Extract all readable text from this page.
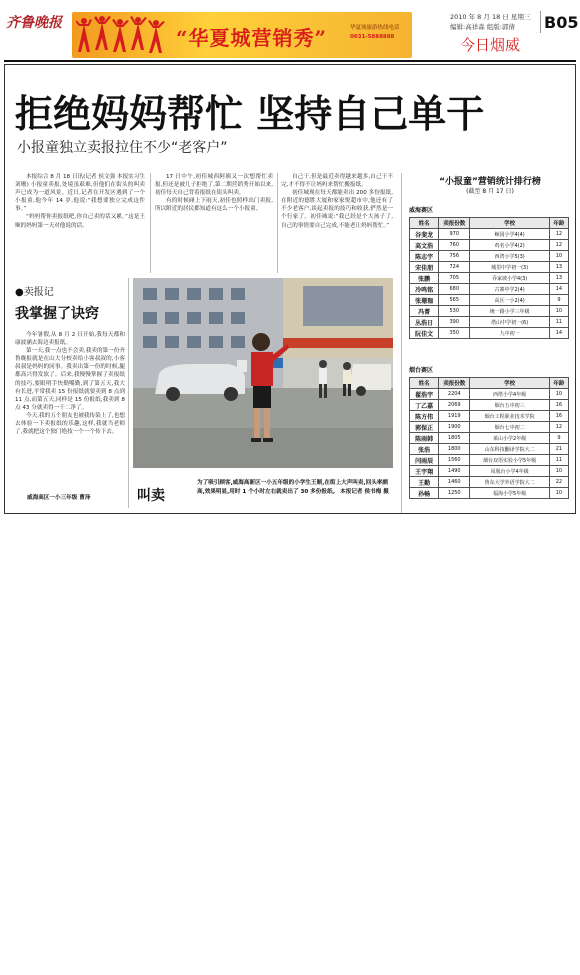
齐鲁晚报
“华夏城营销秀”	华夏城旅游热线电话
0631-5888888
2010 年 8 月 18 日 星期三
编辑:高祥森 组版:郭倩
今日烟威
B05
拒绝妈妈帮忙 坚持自己单干
小报童独立卖报拉住不少“老客户”

本报综合 8 月 18 日讯(记者 侯文强 本报实习生 刘珊) 小报童卖报,处境虽艰难,但他们在街头的叫卖声已成为一道风景。近日,记者在开发区遇到了一个小报童,他今年 14 岁,他说:“我想要独立完成这件事。”

“妈妈帮你卖报纸吧,你自己卖的话又累。”这是王顺的妈妈第一天对他说的话。

17 日中午,初佳城西阿姨又一次想帮忙卖报,但还是被儿子拒绝了,第二期营销秀开始以来,初佳每天自己背着报纸在街头叫卖。

有的时候碰上下雨天,初佳也照样出门卖报,所以附近的居民都知道有这么一个小报童。

自己干,但是最近卖得越来越多,自己干不完,才不得不让妈妈来帮忙搬报纸。

初佳城现在每天都能卖出 200 多份报纸,在附近的德胜大厦和家家悦超市中,他还有了不少老客户,谈起卖报的技巧和收获,俨然是一个行家了。初佳城说:“我已经是个大孩子了,自己的事情要自己完成,不能老让妈妈帮忙。”

●卖报记
我掌握了诀窍

今年暑假,从 8 月 2 日开始,我每天都和康波涵去海边卖报纸。

第一天,我一点也不会卖,我卖的第一份齐鲁晚报就是在山大分校卖给小客叔叔的,小客叔叔是妈妈的同事。我卖出第一份的时候,腿都高兴得发软了。后来,我慢慢掌握了卖报纸的技巧,要眼明手快勤嘴勤,到了第五天,我大有长进,平常我卖 15 份报纸就要卖到 8 点到 11 点,而第五天,同样是 15 份报纸,我卖到 8 点 43 分就卖得一干二净了。

今天,我的五个朋友也被我传染上了,也想去体验一下卖报纸的乐趣,这样,我就当老师了,我就把这个独门绝技一个一个传下去。

威海高区一小三年级 曹泽	叫卖
为了吸引顾客,威海高新区一小五年级的小学生王顺,在街上大声叫卖,回头率颇高,效果明显,用时 1 个小时左右就卖出了 30 多份报纸。 本报记者 侯书梅 摄
“小报童”营销统计排行榜
(截至 8 月 17 日)
威海赛区
姓名	卖报份数	学校	年龄
谷斐龙	970	鲸园小学4(4)	12
高文浩	760	鸡名小学4(2)	12
陈志宇	756	西湾小学5(3)	10
宋佳朋	724	城里中学初一(3)	13
张鹏	705	乔家坡小学4(3)	13
冷鸣铭	680	古寨中学2(4)	14
张珊珈	565	高区一小2(4)	9
冯菁	530	统一路小学三年级	10
丛浩日	390	塔山中学初一(6)	11
阮佳文	350	九中初一	14
烟台赛区
姓名	卖报份数	学校	年龄
翟浩宇	2204	西塔小学4年级	10
丁乙嘉	2069	烟台五中初三	16
陈方伟	1919	烟台工程职业技术学院	16
郭保正	1900	烟台七中初二	12
陈雨韩	1805	莱山小学2年级	9
张浩	1800	山东科技翻译学院大二	21
闫雨辰	1560	烟台双语实验小学5年级	11
王宇翔	1490	凤凰台小学4年级	10
王勤	1460	鲁东大学外语学院大二	22
孙畅	1250	福海小学5年级	10
